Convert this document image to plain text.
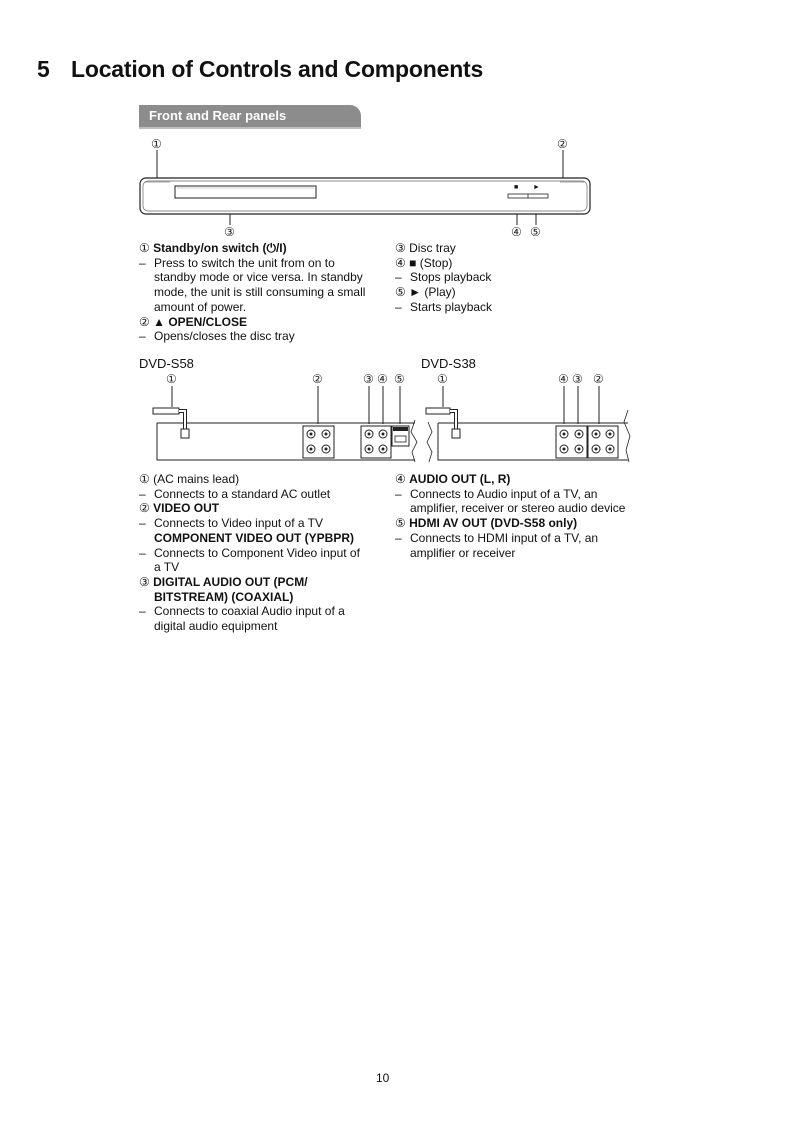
5 Location of Controls and Components
Front and Rear panels
①	②
③	④ ⑤
■ ►
① Standby/on switch (⏻/I)
– Press to switch the unit from on to
standby mode or vice versa. In standby
mode, the unit is still consuming a small
amount of power.
② ▲ OPEN/CLOSE
– Opens/closes the disc tray
③ Disc tray
④ ■ (Stop)
– Stops playback
⑤ ► (Play)
– Starts playback
DVD-S58	DVD-S38
①	②	③ ④ ⑤	①	④ ③ ②
① (AC mains lead)
– Connects to a standard AC outlet
② VIDEO OUT
– Connects to Video input of a TV
COMPONENT VIDEO OUT (YPBPR)
– Connects to Component Video input of
a TV
③ DIGITAL AUDIO OUT (PCM/
BITSTREAM) (COAXIAL)
– Connects to coaxial Audio input of a
digital audio equipment
④ AUDIO OUT (L, R)
– Connects to Audio input of a TV, an
amplifier, receiver or stereo audio device
⑤ HDMI AV OUT (DVD-S58 only)
– Connects to HDMI input of a TV, an
amplifier or receiver
10
